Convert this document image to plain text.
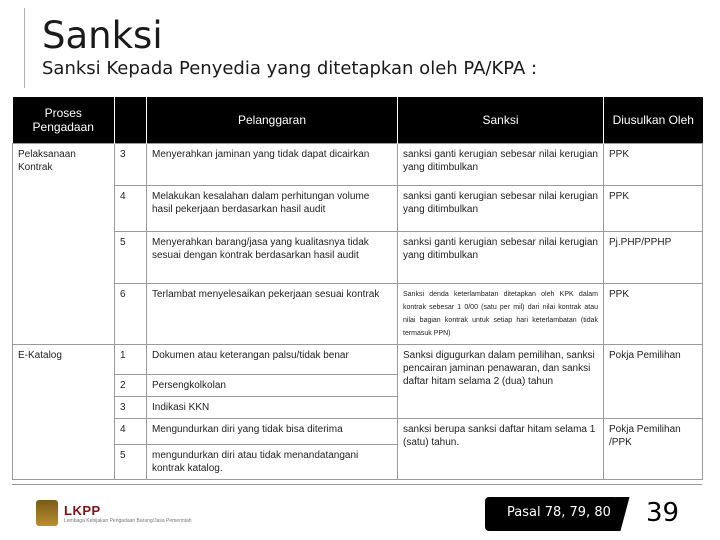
Sanksi
Sanksi Kepada Penyedia yang ditetapkan oleh PA/KPA :
Proses Pengadaan		Pelanggaran	Sanksi	Diusulkan Oleh
Pelaksanaan Kontrak	3	Menyerahkan jaminan yang tidak dapat dicairkan	sanksi ganti kerugian sebesar nilai kerugian yang ditimbulkan	PPK
	4	Melakukan kesalahan dalam perhitungan volume hasil pekerjaan berdasarkan hasil audit	sanksi ganti kerugian sebesar nilai kerugian yang ditimbulkan	PPK
	5	Menyerahkan barang/jasa yang kualitasnya tidak sesuai dengan kontrak berdasarkan hasil audit	sanksi ganti kerugian sebesar nilai kerugian yang ditimbulkan	Pj.PHP/PPHP
	6	Terlambat menyelesaikan pekerjaan sesuai kontrak	Sanksi denda keterlambatan ditetapkan oleh KPK dalam kontrak sebesar 1 0/00 (satu per mil) dari nilai kontrak atau nilai bagian kontrak untuk setiap hari keterlambatan (tidak termasuk PPN)	PPK
E-Katalog	1	Dokumen atau keterangan palsu/tidak benar	Sanksi digugurkan dalam pemilihan, sanksi pencairan jaminan penawaran, dan sanksi daftar hitam selama 2 (dua) tahun	Pokja Pemilihan
	2	Persengkolkolan		
	3	Indikasi KKN		
	4	Mengundurkan diri yang tidak bisa diterima	sanksi berupa sanksi daftar hitam selama 1 (satu) tahun.	Pokja Pemilihan /PPK
	5	mengundurkan diri atau tidak menandatangani kontrak katalog.		
LKPP
Lembaga Kebijakan Pengadaan Barang/Jasa Pemerintah
Pasal 78, 79, 80 39
